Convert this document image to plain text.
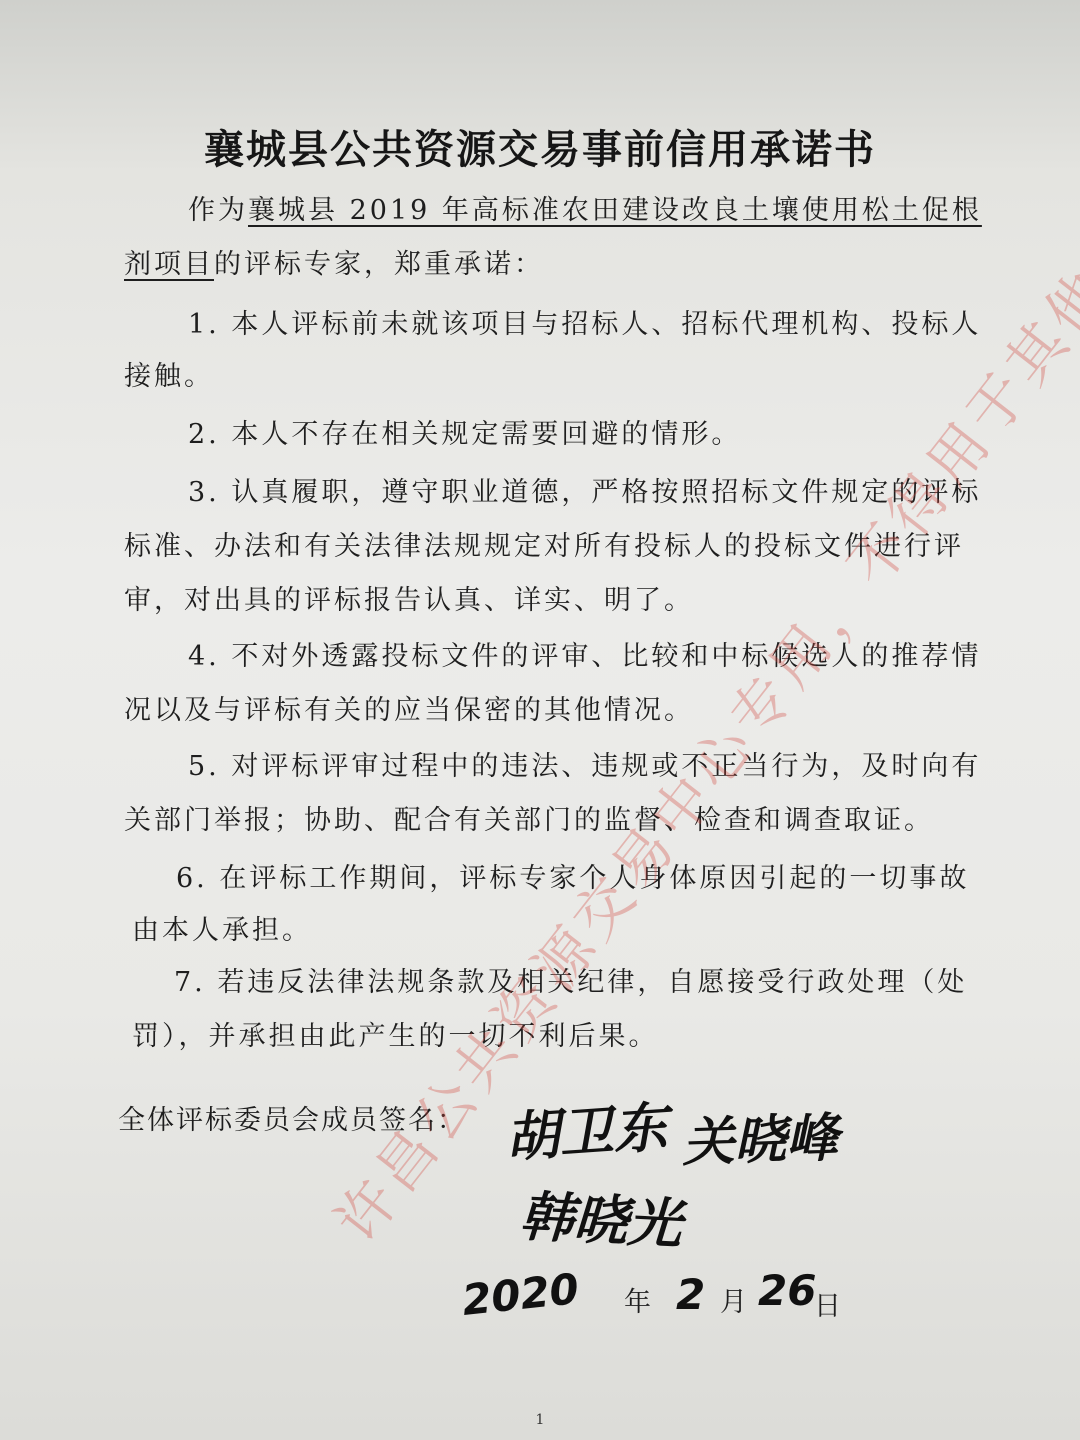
襄城县公共资源交易事前信用承诺书
作为襄城县 2019 年高标准农田建设改良土壤使用松土促根
剂项目的评标专家，郑重承诺：
1. 本人评标前未就该项目与招标人、招标代理机构、投标人
接触。
2. 本人不存在相关规定需要回避的情形。
3. 认真履职，遵守职业道德，严格按照招标文件规定的评标
标准、办法和有关法律法规规定对所有投标人的投标文件进行评
审，对出具的评标报告认真、详实、明了。
4. 不对外透露投标文件的评审、比较和中标候选人的推荐情
况以及与评标有关的应当保密的其他情况。
5. 对评标评审过程中的违法、违规或不正当行为，及时向有
关部门举报；协助、配合有关部门的监督、检查和调查取证。
6. 在评标工作期间，评标专家个人身体原因引起的一切事故
由本人承担。
7. 若违反法律法规条款及相关纪律，自愿接受行政处理（处
罚），并承担由此产生的一切不利后果。
全体评标委员会成员签名： 胡卫东 关晓峰
韩晓光
2020 年 2 月 26
日
1
